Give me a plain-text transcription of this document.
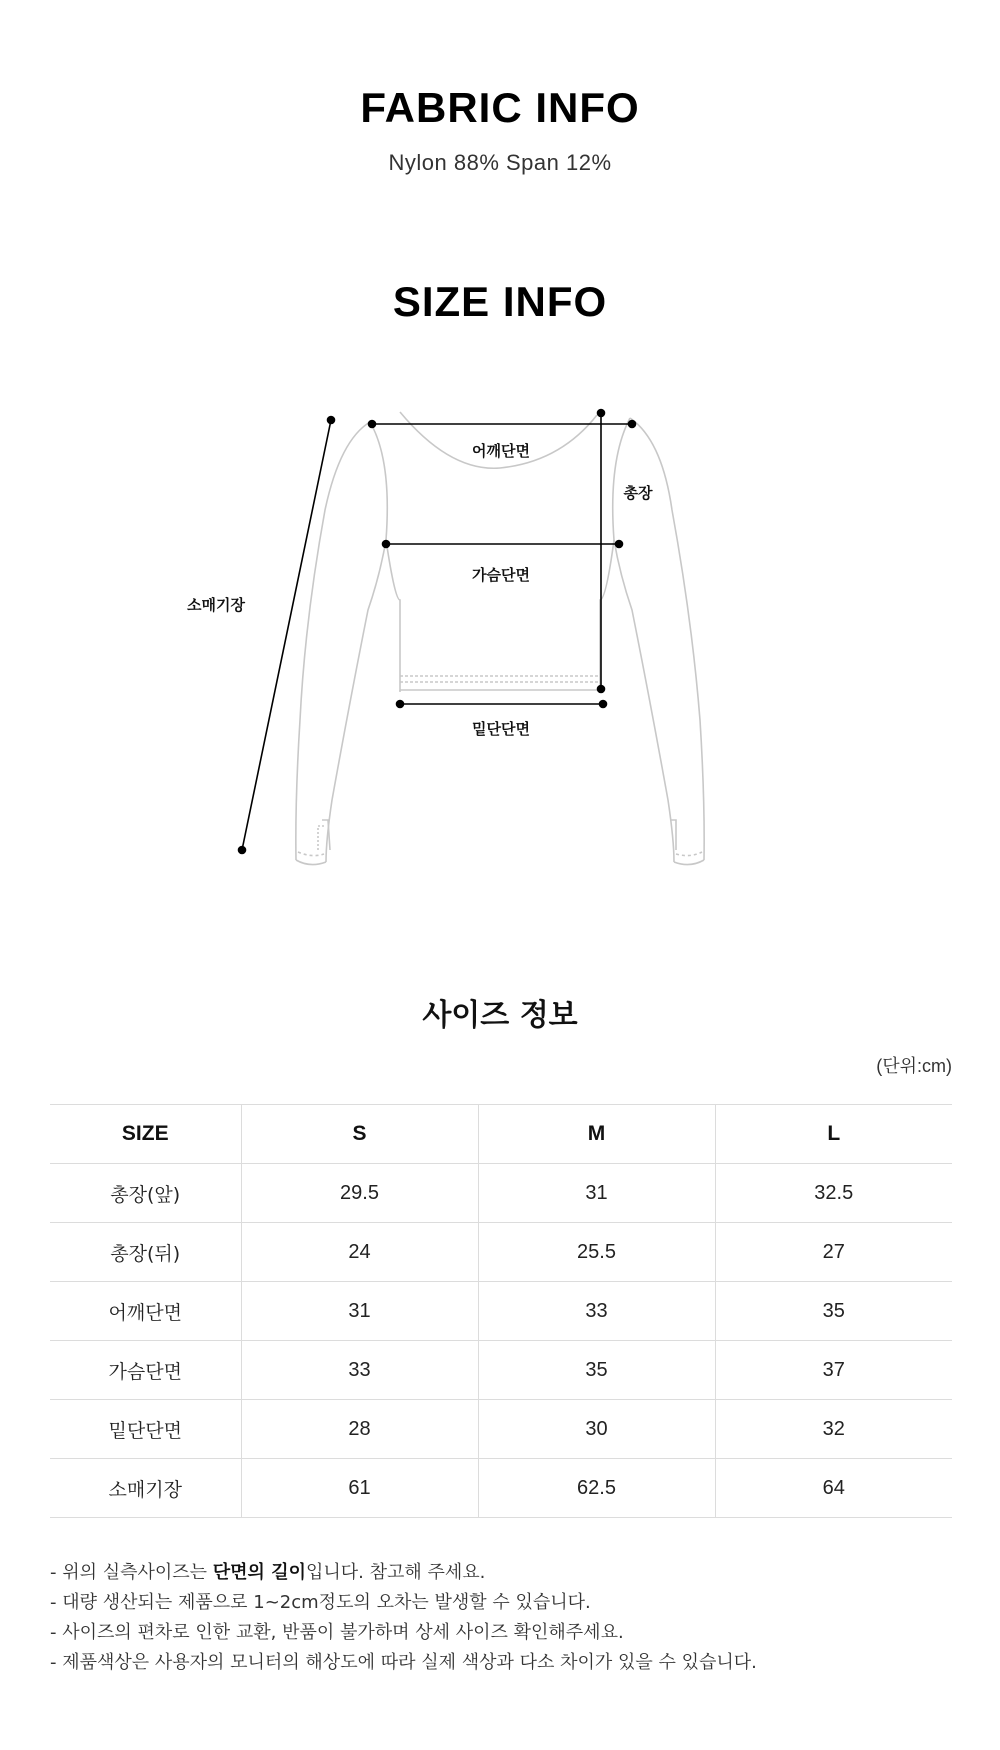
FABRIC INFO
Nylon 88% Span 12%
SIZE INFO
어깨단면
총장
가슴단면
소매기장
밑단단면
사이즈 정보
(단위:cm)
SIZE	S	M	L
총장(앞)	29.5	31	32.5
총장(뒤)	24	25.5	27
어깨단면	31	33	35
가슴단면	33	35	37
밑단단면	28	30	32
소매기장	61	62.5	64

- 위의 실측사이즈는 단면의 길이입니다. 참고해 주세요.

- 대량 생산되는 제품으로 1~2cm정도의 오차는 발생할 수 있습니다.

- 사이즈의 편차로 인한 교환, 반품이 불가하며 상세 사이즈 확인해주세요.

- 제품색상은 사용자의 모니터의 해상도에 따라 실제 색상과 다소 차이가 있을 수 있습니다.
